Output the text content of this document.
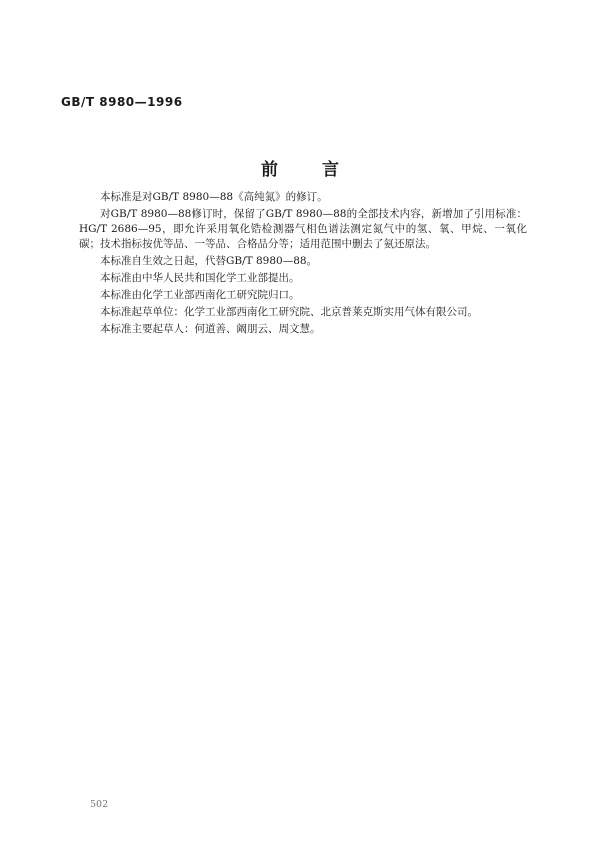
GB/T 8980—1996
前言

本标准是对GB/T 8980—88《高纯氮》的修订。

对GB/T 8980—88修订时，保留了GB/T 8980—88的全部技术内容，新增加了引用标准：HG/T 2686—95，即允许采用氧化锆检测器气相色谱法测定氮气中的氢、氧、甲烷、一氧化碳；技术指标按优等品、一等品、合格品分等；适用范围中删去了氨还原法。

本标准自生效之日起，代替GB/T 8980—88。

本标准由中华人民共和国化学工业部提出。

本标准由化学工业部西南化工研究院归口。

本标准起草单位：化学工业部西南化工研究院、北京普莱克斯实用气体有限公司。

本标准主要起草人：何道善、阚朋云、周文慧。

502
